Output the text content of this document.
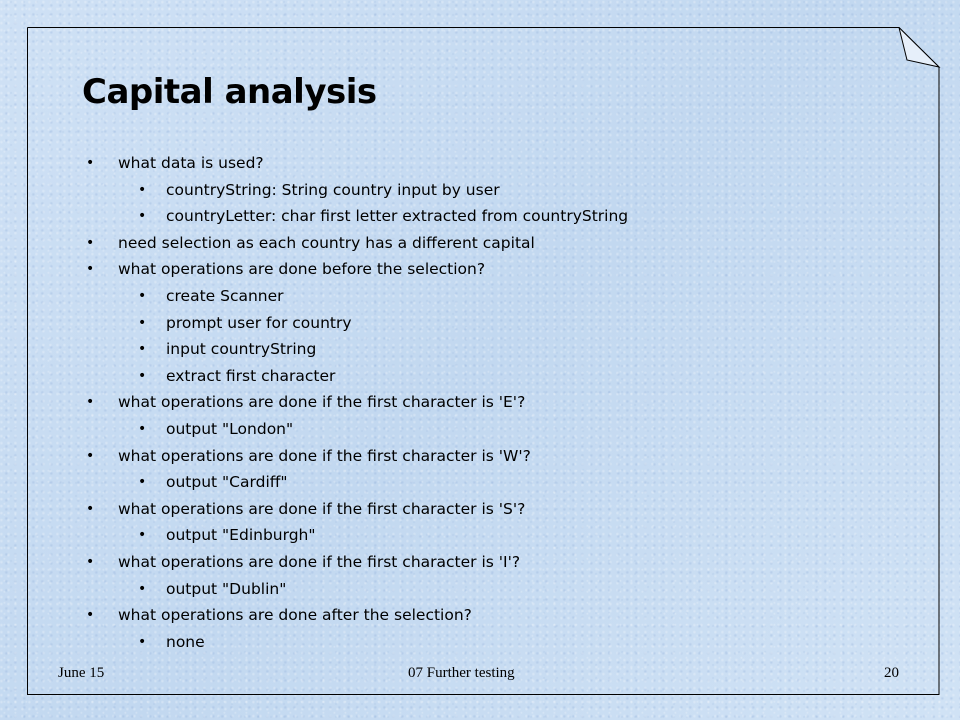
Capital analysis
• what data is used?
• countryString: String country input by user
• countryLetter: char first letter extracted from countryString
• need selection as each country has a different capital
• what operations are done before the selection?
• create Scanner
• prompt user for country
• input countryString
• extract first character
• what operations are done if the first character is 'E'?
• output "London"
• what operations are done if the first character is 'W'?
• output "Cardiff"
• what operations are done if the first character is 'S'?
• output "Edinburgh"
• what operations are done if the first character is 'I'?
• output "Dublin"
• what operations are done after the selection?
• none
June 15	07 Further testing	20
